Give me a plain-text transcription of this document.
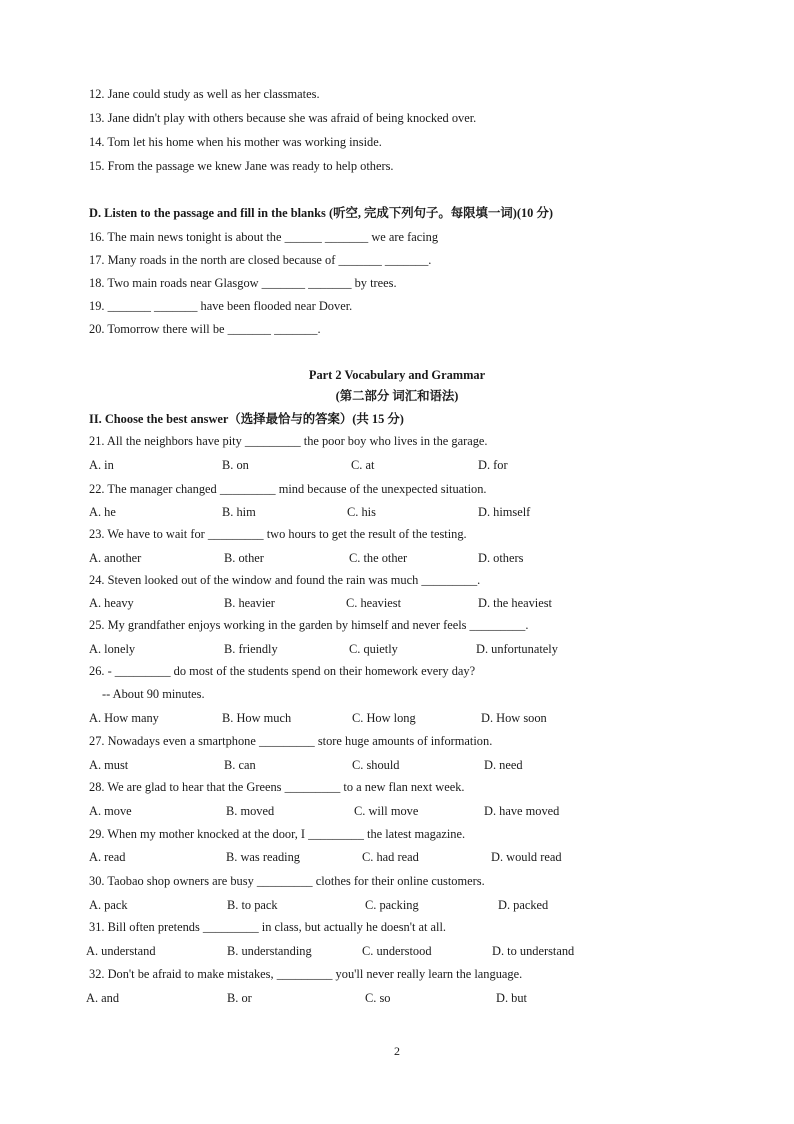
12. Jane could study as well as her classmates.
13. Jane didn't play with others because she was afraid of being knocked over.
14. Tom let his home when his mother was working inside.
15. From the passage we knew Jane was ready to help others.
D. Listen to the passage and fill in the blanks (听空, 完成下列句子。每限填一词)(10 分)
16. The main news tonight is about the ______ _______ we are facing
17. Many roads in the north are closed because of _______ _______.
18. Two main roads near Glasgow _______ _______ by trees.
19. _______ _______ have been flooded near Dover.
20. Tomorrow there will be _______ _______.
Part 2 Vocabulary and Grammar
(第二部分 词汇和语法)
II. Choose the best answer（选择最恰与的答案）(共 15 分)
21. All the neighbors have pity _________ the poor boy who lives in the garage.
A. in	B. on	C. at	D. for
22. The manager changed _________ mind because of the unexpected situation.
A. he	B. him	C. his	D. himself
23. We have to wait for _________ two hours to get the result of the testing.
A. another	B. other	C. the other	D. others
24. Steven looked out of the window and found the rain was much _________.
A. heavy	B. heavier	C. heaviest	D. the heaviest
25. My grandfather enjoys working in the garden by himself and never feels _________.
A. lonely	B. friendly	C. quietly	D. unfortunately
26. - _________ do most of the students spend on their homework every day?
-- About 90 minutes.
A. How many	B. How much	C. How long	D. How soon
27. Nowadays even a smartphone _________ store huge amounts of information.
A. must	B. can	C. should	D. need
28. We are glad to hear that the Greens _________ to a new flan next week.
A. move	B. moved	C. will move	D. have moved
29. When my mother knocked at the door, I _________ the latest magazine.
A. read	B. was reading	C. had read	D. would read
30. Taobao shop owners are busy _________ clothes for their online customers.
A. pack	B. to pack	C. packing	D. packed
31. Bill often pretends _________ in class, but actually he doesn't at all.
A. understand	B. understanding	C. understood	D. to understand
32. Don't be afraid to make mistakes, _________ you'll never really learn the language.
A. and	B. or	C. so	D. but
2
